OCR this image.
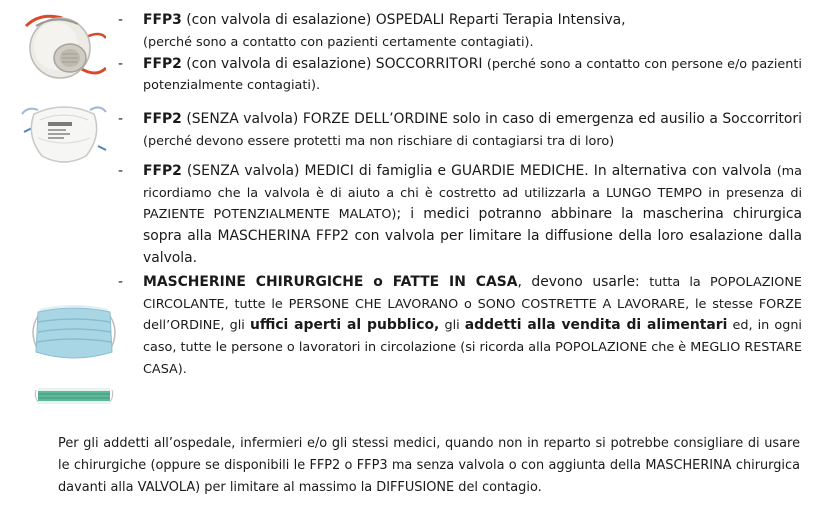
- FFP3 (con valvola di esalazione) OSPEDALI Reparti Terapia Intensiva,
(perché sono a contatto con pazienti certamente contagiati).
- FFP2 (con valvola di esalazione) SOCCORRITORI (perché sono a contatto con persone e/o pazienti potenzialmente contagiati).
- FFP2 (SENZA valvola) FORZE DELL’ORDINE solo in caso di emergenza ed ausilio a Soccorritori (perché devono essere protetti ma non rischiare di contagiarsi tra di loro)
- FFP2 (SENZA valvola) MEDICI di famiglia e GUARDIE MEDICHE. In alternativa con valvola (ma ricordiamo che la valvola è di aiuto a chi è costretto ad utilizzarla a LUNGO TEMPO in presenza di PAZIENTE POTENZIALMENTE MALATO); i medici potranno abbinare la mascherina chirurgica sopra alla MASCHERINA FFP2 con valvola per limitare la diffusione della loro esalazione dalla valvola.
- MASCHERINE CHIRURGICHE o FATTE IN CASA, devono usarle: tutta la POPOLAZIONE CIRCOLANTE, tutte le PERSONE CHE LAVORANO o SONO COSTRETTE A LAVORARE, le stesse FORZE dell’ORDINE, gli uffici aperti al pubblico, gli addetti alla vendita di alimentari ed, in ogni caso, tutte le persone o lavoratori in circolazione (si ricorda alla POPOLAZIONE che è MEGLIO RESTARE CASA).

Per gli addetti all’ospedale, infermieri e/o gli stessi medici, quando non in reparto si potrebbe consigliare di usare le chirurgiche (oppure se disponibili le FFP2 o FFP3 ma senza valvola o con aggiunta della MASCHERINA chirurgica davanti alla VALVOLA) per limitare al massimo la DIFFUSIONE del contagio.
